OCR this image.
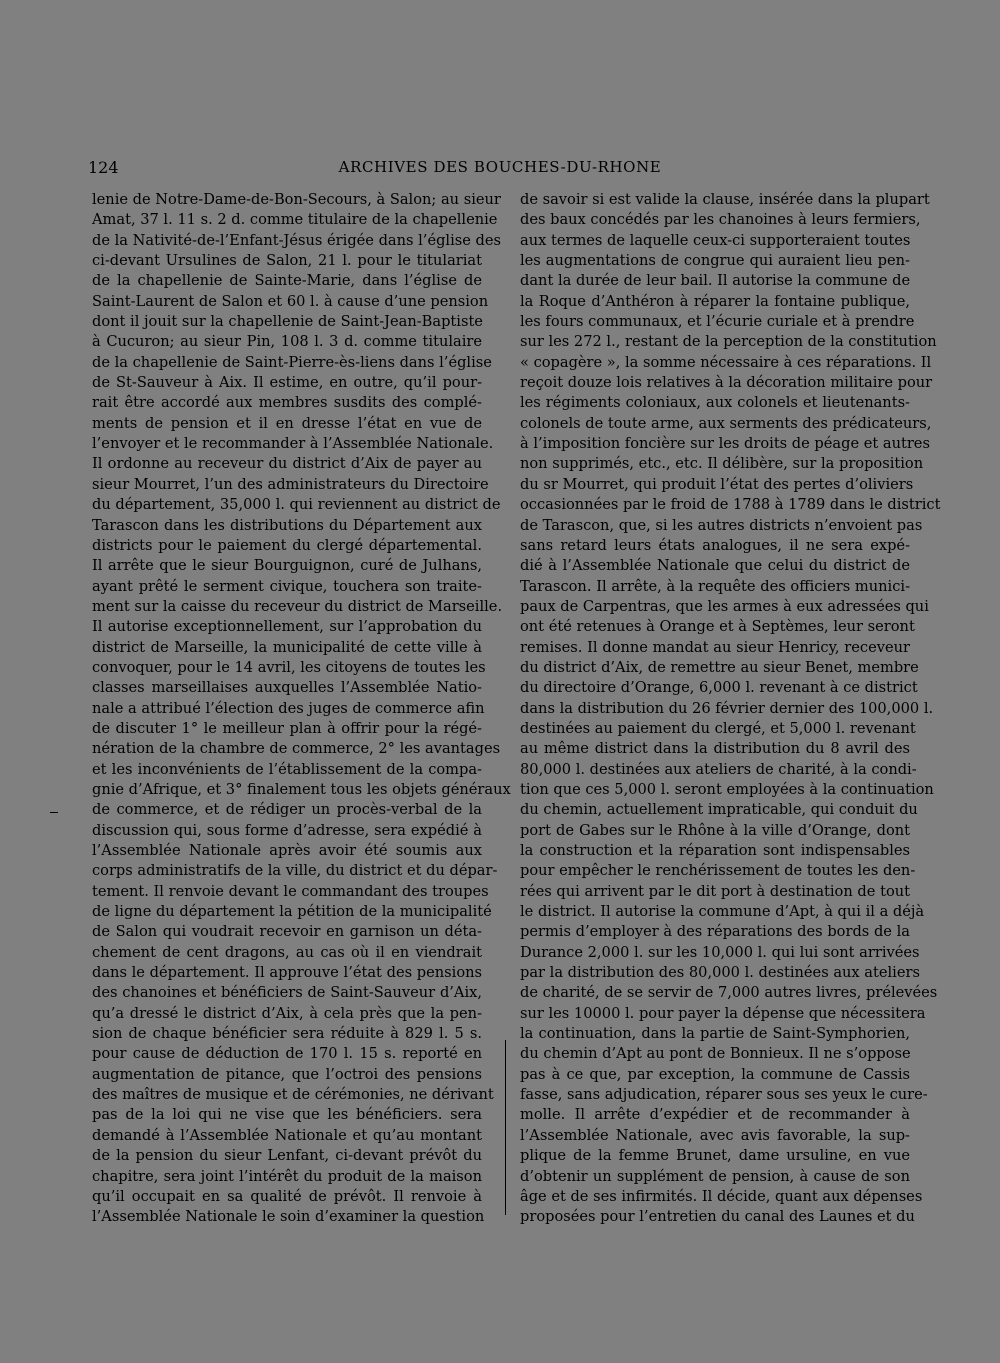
124	ARCHIVES DES BOUCHES-DU-RHONE
lenie de Notre-Dame-de-Bon-Secours, à Salon; au sieur
Amat, 37 l. 11 s. 2 d. comme titulaire de la chapellenie
de la Nativité-de-l’Enfant-Jésus érigée dans l’église des
ci-devant Ursulines de Salon, 21 l. pour le titulariat
de la chapellenie de Sainte-Marie, dans l’église de
Saint-Laurent de Salon et 60 l. à cause d’une pension
dont il jouit sur la chapellenie de Saint-Jean-Baptiste
à Cucuron; au sieur Pin, 108 l. 3 d. comme titulaire
de la chapellenie de Saint-Pierre-ès-liens dans l’église
de St-Sauveur à Aix. Il estime, en outre, qu’il pour-
rait être accordé aux membres susdits des complé-
ments de pension et il en dresse l’état en vue de
l’envoyer et le recommander à l’Assemblée Nationale.
Il ordonne au receveur du district d’Aix de payer au
sieur Mourret, l’un des administrateurs du Directoire
du département, 35,000 l. qui reviennent au district de
Tarascon dans les distributions du Département aux
districts pour le paiement du clergé départemental.
Il arrête que le sieur Bourguignon, curé de Julhans,
ayant prêté le serment civique, touchera son traite-
ment sur la caisse du receveur du district de Marseille.
Il autorise exceptionnellement, sur l’approbation du
district de Marseille, la municipalité de cette ville à
convoquer, pour le 14 avril, les citoyens de toutes les
classes marseillaises auxquelles l’Assemblée Natio-
nale a attribué l’élection des juges de commerce afin
de discuter 1° le meilleur plan à offrir pour la régé-
nération de la chambre de commerce, 2° les avantages
et les inconvénients de l’établissement de la compa-
gnie d’Afrique, et 3° finalement tous les objets généraux
de commerce, et de rédiger un procès-verbal de la
discussion qui, sous forme d’adresse, sera expédié à
l’Assemblée Nationale après avoir été soumis aux
corps administratifs de la ville, du district et du dépar-
tement. Il renvoie devant le commandant des troupes
de ligne du département la pétition de la municipalité
de Salon qui voudrait recevoir en garnison un déta-
chement de cent dragons, au cas où il en viendrait
dans le département. Il approuve l’état des pensions
des chanoines et bénéficiers de Saint-Sauveur d’Aix,
qu’a dressé le district d’Aix, à cela près que la pen-
sion de chaque bénéficier sera réduite à 829 l. 5 s.
pour cause de déduction de 170 l. 15 s. reporté en
augmentation de pitance, que l’octroi des pensions
des maîtres de musique et de cérémonies, ne dérivant
pas de la loi qui ne vise que les bénéficiers. sera
demandé à l’Assemblée Nationale et qu’au montant
de la pension du sieur Lenfant, ci-devant prévôt du
chapitre, sera joint l’intérêt du produit de la maison
qu’il occupait en sa qualité de prévôt. Il renvoie à
l’Assemblée Nationale le soin d’examiner la question
de savoir si est valide la clause, insérée dans la plupart
des baux concédés par les chanoines à leurs fermiers,
aux termes de laquelle ceux-ci supporteraient toutes
les augmentations de congrue qui auraient lieu pen-
dant la durée de leur bail. Il autorise la commune de
la Roque d’Anthéron à réparer la fontaine publique,
les fours communaux, et l’écurie curiale et à prendre
sur les 272 l., restant de la perception de la constitution
« copagère », la somme nécessaire à ces réparations. Il
reçoit douze lois relatives à la décoration militaire pour
les régiments coloniaux, aux colonels et lieutenants-
colonels de toute arme, aux serments des prédicateurs,
à l’imposition foncière sur les droits de péage et autres
non supprimés, etc., etc. Il délibère, sur la proposition
du sr Mourret, qui produit l’état des pertes d’oliviers
occasionnées par le froid de 1788 à 1789 dans le district
de Tarascon, que, si les autres districts n’envoient pas
sans retard leurs états analogues, il ne sera expé-
dié à l’Assemblée Nationale que celui du district de
Tarascon. Il arrête, à la requête des officiers munici-
paux de Carpentras, que les armes à eux adressées qui
ont été retenues à Orange et à Septèmes, leur seront
remises. Il donne mandat au sieur Henricy, receveur
du district d’Aix, de remettre au sieur Benet, membre
du directoire d’Orange, 6,000 l. revenant à ce district
dans la distribution du 26 février dernier des 100,000 l.
destinées au paiement du clergé, et 5,000 l. revenant
au même district dans la distribution du 8 avril des
80,000 l. destinées aux ateliers de charité, à la condi-
tion que ces 5,000 l. seront employées à la continuation
du chemin, actuellement impraticable, qui conduit du
port de Gabes sur le Rhône à la ville d’Orange, dont
la construction et la réparation sont indispensables
pour empêcher le renchérissement de toutes les den-
rées qui arrivent par le dit port à destination de tout
le district. Il autorise la commune d’Apt, à qui il a déjà
permis d’employer à des réparations des bords de la
Durance 2,000 l. sur les 10,000 l. qui lui sont arrivées
par la distribution des 80,000 l. destinées aux ateliers
de charité, de se servir de 7,000 autres livres, prélevées
sur les 10000 l. pour payer la dépense que nécessitera
la continuation, dans la partie de Saint-Symphorien,
du chemin d’Apt au pont de Bonnieux. Il ne s’oppose
pas à ce que, par exception, la commune de Cassis
fasse, sans adjudication, réparer sous ses yeux le cure-
molle. Il arrête d’expédier et de recommander à
l’Assemblée Nationale, avec avis favorable, la sup-
plique de la femme Brunet, dame ursuline, en vue
d’obtenir un supplément de pension, à cause de son
âge et de ses infirmités. Il décide, quant aux dépenses
proposées pour l’entretien du canal des Launes et du
